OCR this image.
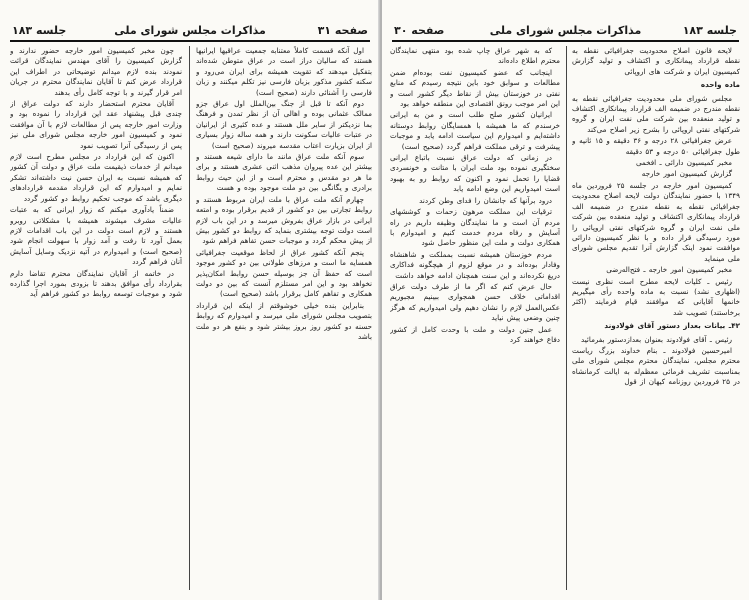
صفحه ٣١
مذاکرات مجلس شورای ملی
جلسه ١٨٣

اول آنکه قسمت کاملاً معتنابه جمعیت عراقیها ایرانیها هستند که سالیان دراز است در عراق متوطن شده‌اند بتفکیل میدهند که تقویت همیشه برای ایران می‌رود و سکنه کشور مذکور بزبان فارسی نیز تکلم میکنند و زبان فارسی را آشنائی دارند (صحیح است)

دوم آنکه تا قبل از جنگ بین‌الملل اول عراق جزو ممالک عثمانی بوده و اهالی آن از نظر تمدن و فرهنگ بما نزدیکتر از سایر ملل هستند و عده کثیری از ایرانیان در عتبات عالیات سکونت دارند و همه ساله زوار بسیاری از ایران بزیارت اعتاب مقدسه میروند (صحیح است)

سوم آنکه ملت عراق مانند ما دارای شیعه هستند و بیشتر این عده پیروان مذهب اثنی عشری هستند و برای ما هر دو مقدس و محترم است و از این حیث روابط برادری و یگانگی بین دو ملت موجود بوده و هست

چهارم آنکه ملت عراق با ملت ایران مربوط هستند و روابط تجارتی بین دو کشور از قدیم برقرار بوده و امتعه ایرانی در بازار عراق بفروش میرسد و در این باب لازم است دولت توجه بیشتری بنماید که روابط دو کشور بیش از پیش محکم گردد و موجبات حسن تفاهم فراهم شود

پنجم آنکه کشور عراق از لحاظ موقعیت جغرافیائی همسایه ما است و مرزهای طولانی بین دو کشور موجود است که حفظ آن جز بوسیله حسن روابط امکان‌پذیر نخواهد بود و این امر مستلزم آنست که بین دو دولت همکاری و تفاهم کامل برقرار باشد (صحیح است)

بنابراین بنده خیلی خوشوقتم از اینکه این قرارداد بتصویب مجلس شورای ملی میرسد و امیدوارم که روابط حسنه دو کشور روز بروز بیشتر شود و بنفع هر دو ملت باشد

چون مخبر کمیسیون امور خارجه حضور ندارند و گزارش کمیسیون را آقای مهندس نمایندگان قرائت نمودند بنده لازم میدانم توضیحاتی در اطراف این قرارداد عرض کنم تا آقایان نمایندگان محترم در جریان امر قرار گیرند و با توجه کامل رأی بدهند

آقایان محترم استحضار دارند که دولت عراق از چندی قبل پیشنهاد عقد این قرارداد را نموده بود و وزارت امور خارجه پس از مطالعات لازم با آن موافقت نمود و کمیسیون امور خارجه مجلس شورای ملی نیز پس از رسیدگی آنرا تصویب نمود

اکنون که این قرارداد در مجلس مطرح است لازم میدانم از خدمات ذیقیمت ملت عراق و دولت آن کشور که همیشه نسبت به ایران حسن نیت داشته‌اند تشکر نمایم و امیدوارم که این قرارداد مقدمه قراردادهای دیگری باشد که موجب تحکیم روابط دو کشور گردد

ضمناً یادآوری میکنم که زوار ایرانی که به عتبات عالیات مشرف میشوند همیشه با مشکلاتی روبرو هستند و لازم است دولت در این باب اقدامات لازم بعمل آورد تا رفت و آمد زوار با سهولت انجام شود (صحیح است) و امیدوارم در آتیه نزدیک وسایل آسایش آنان فراهم گردد

در خاتمه از آقایان نمایندگان محترم تقاضا دارم بقرارداد رأی موافق بدهند تا بزودی بمورد اجرا گذارده شود و موجبات توسعه روابط دو کشور فراهم آید

جلسه ١٨٣
مذاکرات مجلس شورای ملی
صفحه ٣٠

لایحه قانون اصلاح محدودیت جغرافیائی نقطه به نقطه قرارداد پیمانکاری و اکتشاف و تولید گزارش کمیسیون ایران و شرکت های اروپائی

ماده واحده

مجلس شورای ملی محدودیت جغرافیائی نقطه به نقطه مندرج در ضمیمه الف قرارداد پیمانکاری اکتشاف و تولید منعقده بین شرکت ملی نفت ایران و گروه شرکتهای نفتی اروپائی را بشرح زیر اصلاح می‌کند

عرض جغرافیائی ۲۸ درجه و ۳۶ دقیقه و ۱۵ ثانیه و طول جغرافیائی ۵۰ درجه و ۵۳ دقیقه

مخبر کمیسیون دارائی ـ افخمی

گزارش کمیسیون امور خارجه

کمیسیون امور خارجه در جلسه ۲۵ فروردین ماه ۱۳۴۹ با حضور نمایندگان دولت لایحه اصلاح محدودیت جغرافیائی نقطه به نقطه مندرج در ضمیمه الف قرارداد پیمانکاری اکتشاف و تولید منعقده بین شرکت ملی نفت ایران و گروه شرکتهای نفتی اروپائی را مورد رسیدگی قرار داده و با نظر کمیسیون دارائی موافقت نمود اینک گزارش آنرا تقدیم مجلس شورای ملی مینماید

مخبر کمیسیون امور خارجه ـ فتح‌اله‌رضی

رئیس ـ کلیات لایحه مطرح است نظری نیست (اظهاری نشد) نسبت به ماده واحده رأی میگیریم خانمها آقایانی که موافقند قیام فرمایند (اکثر برخاستند) تصویب شد

۴۲ـ بیانات بعداز دستور آقای فولادوند

رئیس ـ آقای فولادوند بعنوان بعدازدستور بفرمائید

امیرحسین فولادوند ـ بنام خداوند بزرگ ریاست محترم مجلس، نمایندگان محترم مجلس شورای ملی بمناسبت تشریف فرمائی معظم‌له به ایالت کرمانشاه در ۲۵ فروردین روزنامه کیهان از قول

که به شهر عراق چاپ شده بود منتهی نمایندگان محترم اطلاع داده‌اند

اینجانب که عضو کمیسیون نفت بوده‌ام ضمن مطالعات و سوابق خود باین نتیجه رسیدم که منابع نفتی در خوزستان بیش از نقاط دیگر کشور است و این امر موجب رونق اقتصادی این منطقه خواهد بود

ایرانیان کشور صلح طلب است و من به ایرانی خرسندم که ما همیشه با همسایگان روابط دوستانه داشته‌ایم و امیدوارم این سیاست ادامه یابد و موجبات پیشرفت و ترقی مملکت فراهم گردد (صحیح است)

در زمانی که دولت عراق نسبت باتباع ایرانی سختگیری نموده بود ملت ایران با متانت و خونسردی قضایا را تحمل نمود و اکنون که روابط رو به بهبود است امیدواریم این وضع ادامه یابد

درود برآنها که جانشان را فدای وطن کردند

ترقیات این مملکت مرهون زحمات و کوششهای مردم آن است و ما نمایندگان وظیفه داریم در راه آسایش و رفاه مردم خدمت کنیم و امیدوارم با همکاری دولت و ملت این منظور حاصل شود

مردم خوزستان همیشه نسبت بمملکت و شاهنشاه وفادار بوده‌اند و در موقع لزوم از هیچگونه فداکاری دریغ نکرده‌اند و این سنت همچنان ادامه خواهد داشت

حال عرض کنم که اگر ما از طرف دولت عراق اقداماتی خلاف حسن همجواری ببینیم مجبوریم عکس‌العمل لازم را نشان دهیم ولی امیدواریم که هرگز چنین وضعی پیش نیاید

عمل جنین دولت و ملت با وحدت کامل از کشور دفاع خواهند کرد
